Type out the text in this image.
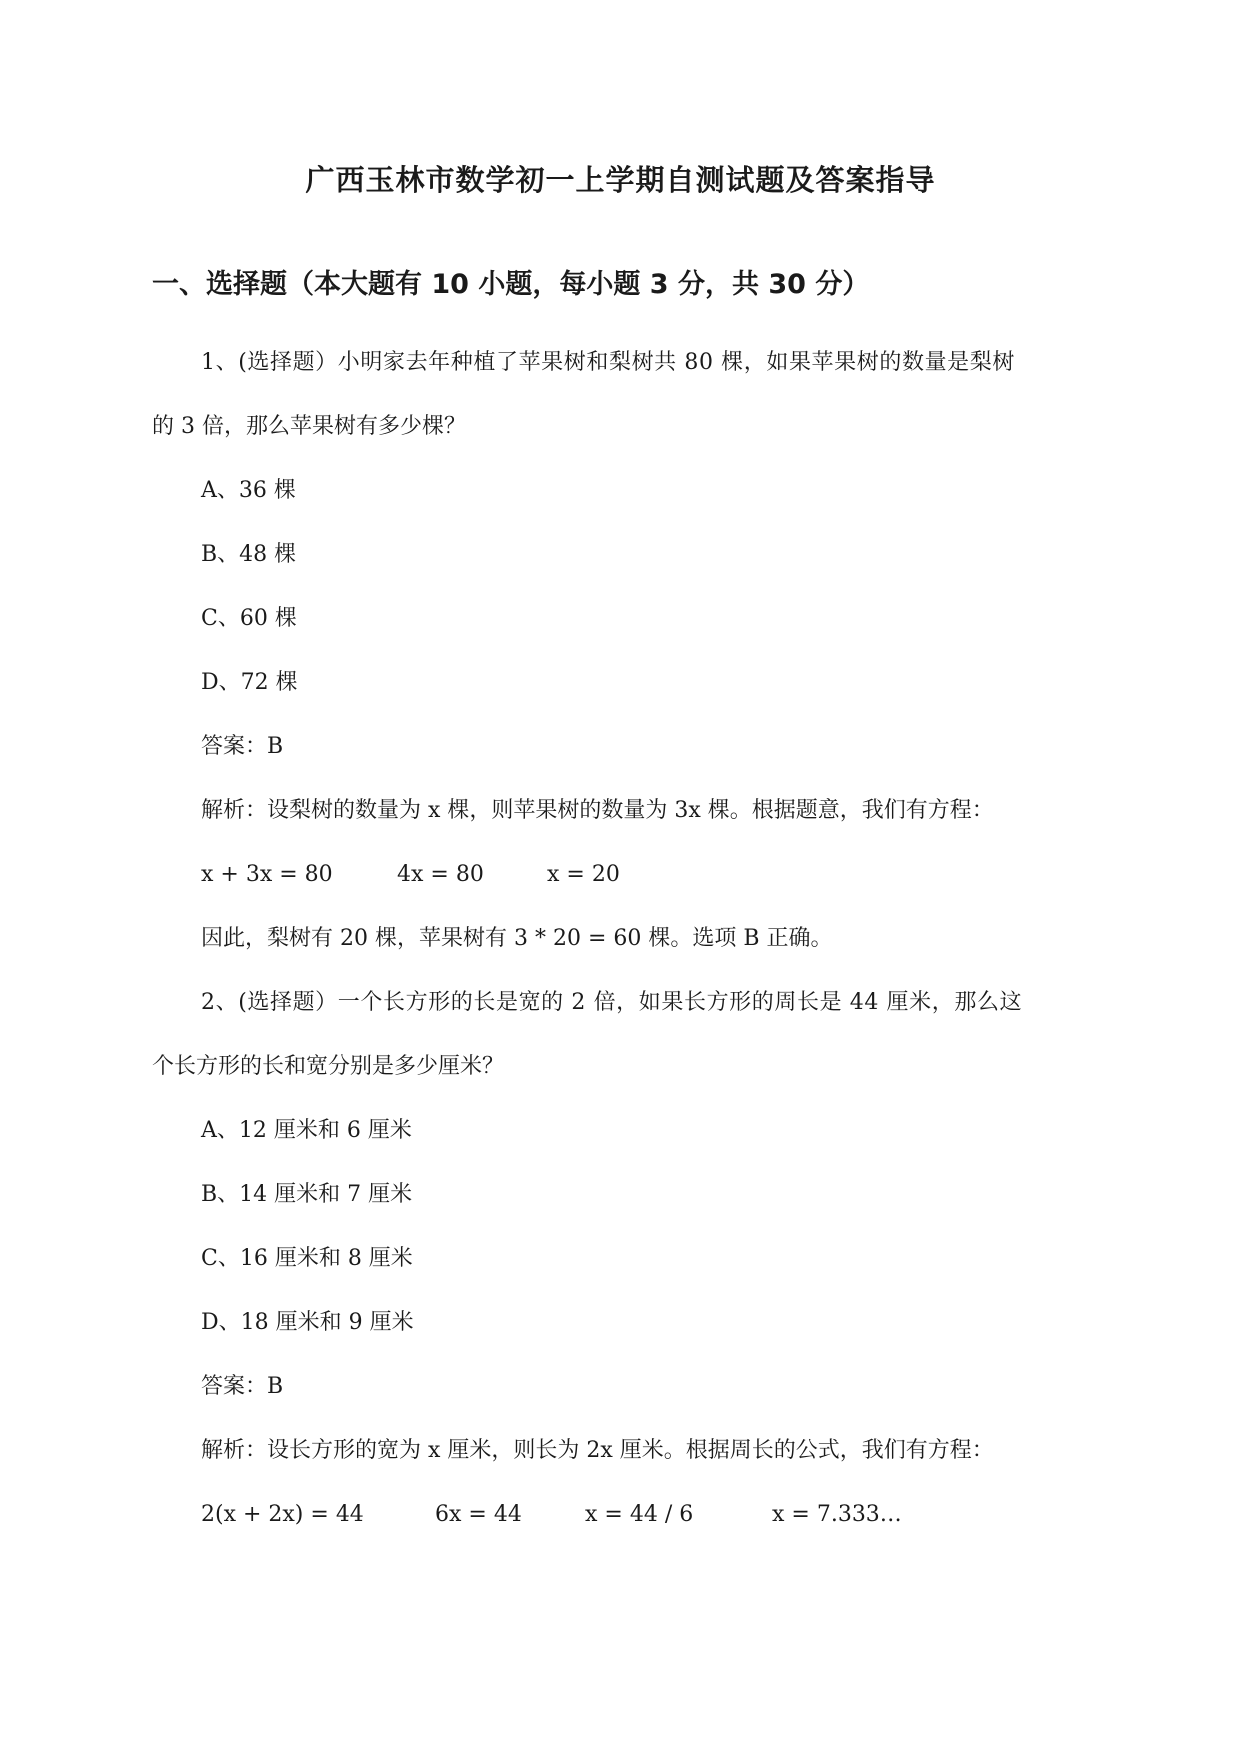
广西玉林市数学初一上学期自测试题及答案指导
一、选择题（本大题有 10 小题，每小题 3 分，共 30 分）
1、(选择题）小明家去年种植了苹果树和梨树共 80 棵，如果苹果树的数量是梨树
的 3 倍，那么苹果树有多少棵？
A、36 棵
B、48 棵
C、60 棵
D、72 棵
答案：B
解析：设梨树的数量为 x 棵，则苹果树的数量为 3x 棵。根据题意，我们有方程：
x + 3x = 80	4x = 80	x = 20
因此，梨树有 20 棵，苹果树有 3 * 20 = 60 棵。选项 B 正确。
2、(选择题）一个长方形的长是宽的 2 倍，如果长方形的周长是 44 厘米，那么这
个长方形的长和宽分别是多少厘米？
A、12 厘米和 6 厘米
B、14 厘米和 7 厘米
C、16 厘米和 8 厘米
D、18 厘米和 9 厘米
答案：B
解析：设长方形的宽为 x 厘米，则长为 2x 厘米。根据周长的公式，我们有方程：
2(x + 2x) = 44	6x = 44	x = 44 / 6	x = 7.333…
